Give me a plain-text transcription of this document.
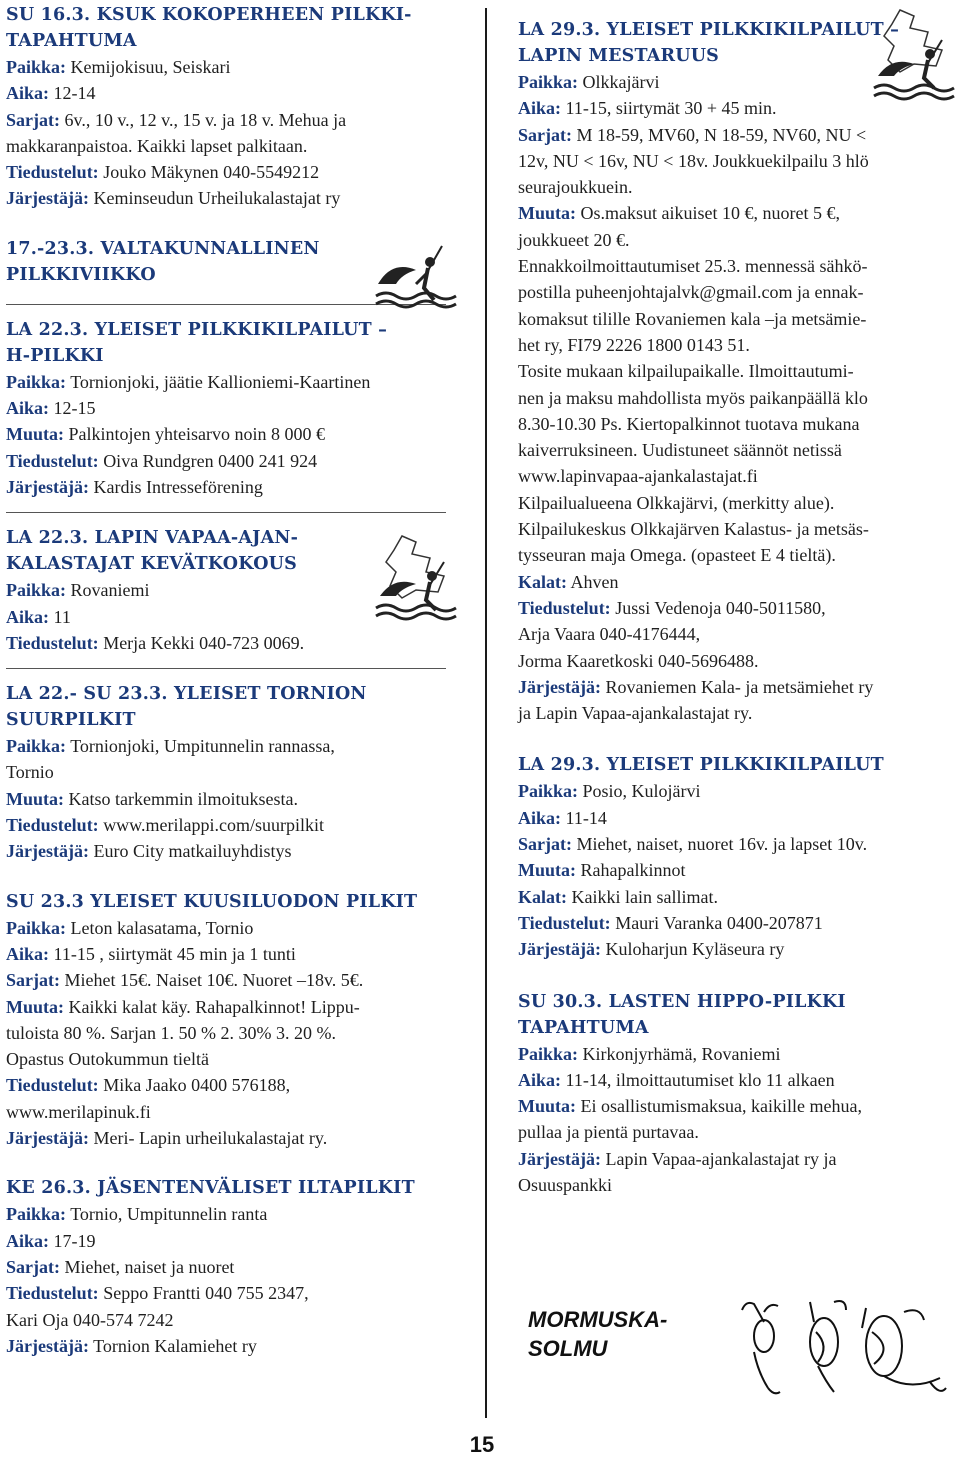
SU 16.3. KSUK KOKOPERHEEN PILKKI-
TAPAHTUMA
Paikka: Kemijokisuu, Seiskari
Aika: 12-14
Sarjat: 6v., 10 v., 12 v., 15 v. ja 18 v. Mehua ja
makkaranpaistoa. Kaikki lapset palkitaan.
Tiedustelut: Jouko Mäkynen 040-5549212
Järjestäjä: Keminseudun Urheilukalastajat ry
17.-23.3. VALTAKUNNALLINEN
PILKKIVIIKKO
LA 22.3. YLEISET PILKKIKILPAILUT –
H-PILKKI
Paikka: Tornionjoki, jäätie Kallioniemi-Kaartinen
Aika: 12-15
Muuta: Palkintojen yhteisarvo noin 8 000 €
Tiedustelut: Oiva Rundgren 0400 241 924
Järjestäjä: Kardis Intresseförening
LA 22.3. LAPIN VAPAA-AJAN-
KALASTAJAT KEVÄTKOKOUS
Paikka: Rovaniemi
Aika: 11
Tiedustelut: Merja Kekki 040-723 0069.
LA 22.- SU 23.3. YLEISET TORNION
SUURPILKIT
Paikka: Tornionjoki, Umpitunnelin rannassa,
Tornio
Muuta: Katso tarkemmin ilmoituksesta.
Tiedustelut: www.merilappi.com/suurpilkit
Järjestäjä: Euro City matkailuyhdistys
SU 23.3 YLEISET KUUSILUODON PILKIT
Paikka: Leton kalasatama, Tornio
Aika: 11-15 , siirtymät 45 min ja 1 tunti
Sarjat: Miehet 15€. Naiset 10€. Nuoret –18v. 5€.
Muuta: Kaikki kalat käy. Rahapalkinnot! Lippu-
tuloista 80 %. Sarjan 1. 50 % 2. 30% 3. 20 %.
Opastus Outokummun tieltä
Tiedustelut: Mika Jaako 0400 576188,
www.merilapinuk.fi
Järjestäjä: Meri- Lapin urheilukalastajat ry.
KE 26.3. JÄSENTENVÄLISET ILTAPILKIT
Paikka: Tornio, Umpitunnelin ranta
Aika: 17-19
Sarjat: Miehet, naiset ja nuoret
Tiedustelut: Seppo Frantti 040 755 2347,
Kari Oja 040-574 7242
Järjestäjä: Tornion Kalamiehet ry
LA 29.3. YLEISET PILKKIKILPAILUT –
LAPIN MESTARUUS
Paikka: Olkkajärvi
Aika: 11-15, siirtymät 30 + 45 min.
Sarjat: M 18-59, MV60, N 18-59, NV60, NU <
12v, NU < 16v, NU < 18v. Joukkuekilpailu 3 hlö
seurajoukkuein.
Muuta: Os.maksut aikuiset 10 €, nuoret 5 €,
joukkueet 20 €.
Ennakkoilmoittautumiset 25.3. mennessä sähkö-
postilla puheenjohtajalvk@gmail.com ja ennak-
komaksut tilille Rovaniemen kala –ja metsämie-
het ry, FI79 2226 1800 0143 51.
Tosite mukaan kilpailupaikalle. Ilmoittautumi-
nen ja maksu mahdollista myös paikanpäällä klo
8.30-10.30 Ps. Kiertopalkinnot tuotava mukana
kaiverruksineen. Uudistuneet säännöt netissä
www.lapinvapaa-ajankalastajat.fi
Kilpailualueena Olkkajärvi, (merkitty alue).
Kilpailukeskus Olkkajärven Kalastus- ja metsäs-
tysseuran maja Omega. (opasteet E 4 tieltä).
Kalat: Ahven
Tiedustelut: Jussi Vedenoja 040-5011580,
Arja Vaara 040-4176444,
Jorma Kaaretkoski 040-5696488.
Järjestäjä: Rovaniemen Kala- ja metsämiehet ry
ja Lapin Vapaa-ajankalastajat ry.
LA 29.3. YLEISET PILKKIKILPAILUT
Paikka: Posio, Kulojärvi
Aika: 11-14
Sarjat: Miehet, naiset, nuoret 16v. ja lapset 10v.
Muuta: Rahapalkinnot
Kalat: Kaikki lain sallimat.
Tiedustelut: Mauri Varanka 0400-207871
Järjestäjä: Kuloharjun Kyläseura ry
SU 30.3. LASTEN HIPPO-PILKKI
TAPAHTUMA
Paikka: Kirkonjyrhämä, Rovaniemi
Aika: 11-14, ilmoittautumiset klo 11 alkaen
Muuta: Ei osallistumismaksua, kaikille mehua,
pullaa ja pientä purtavaa.
Järjestäjä: Lapin Vapaa-ajankalastajat ry ja
Osuuspankki
MORMUSKA-
SOLMU
15
